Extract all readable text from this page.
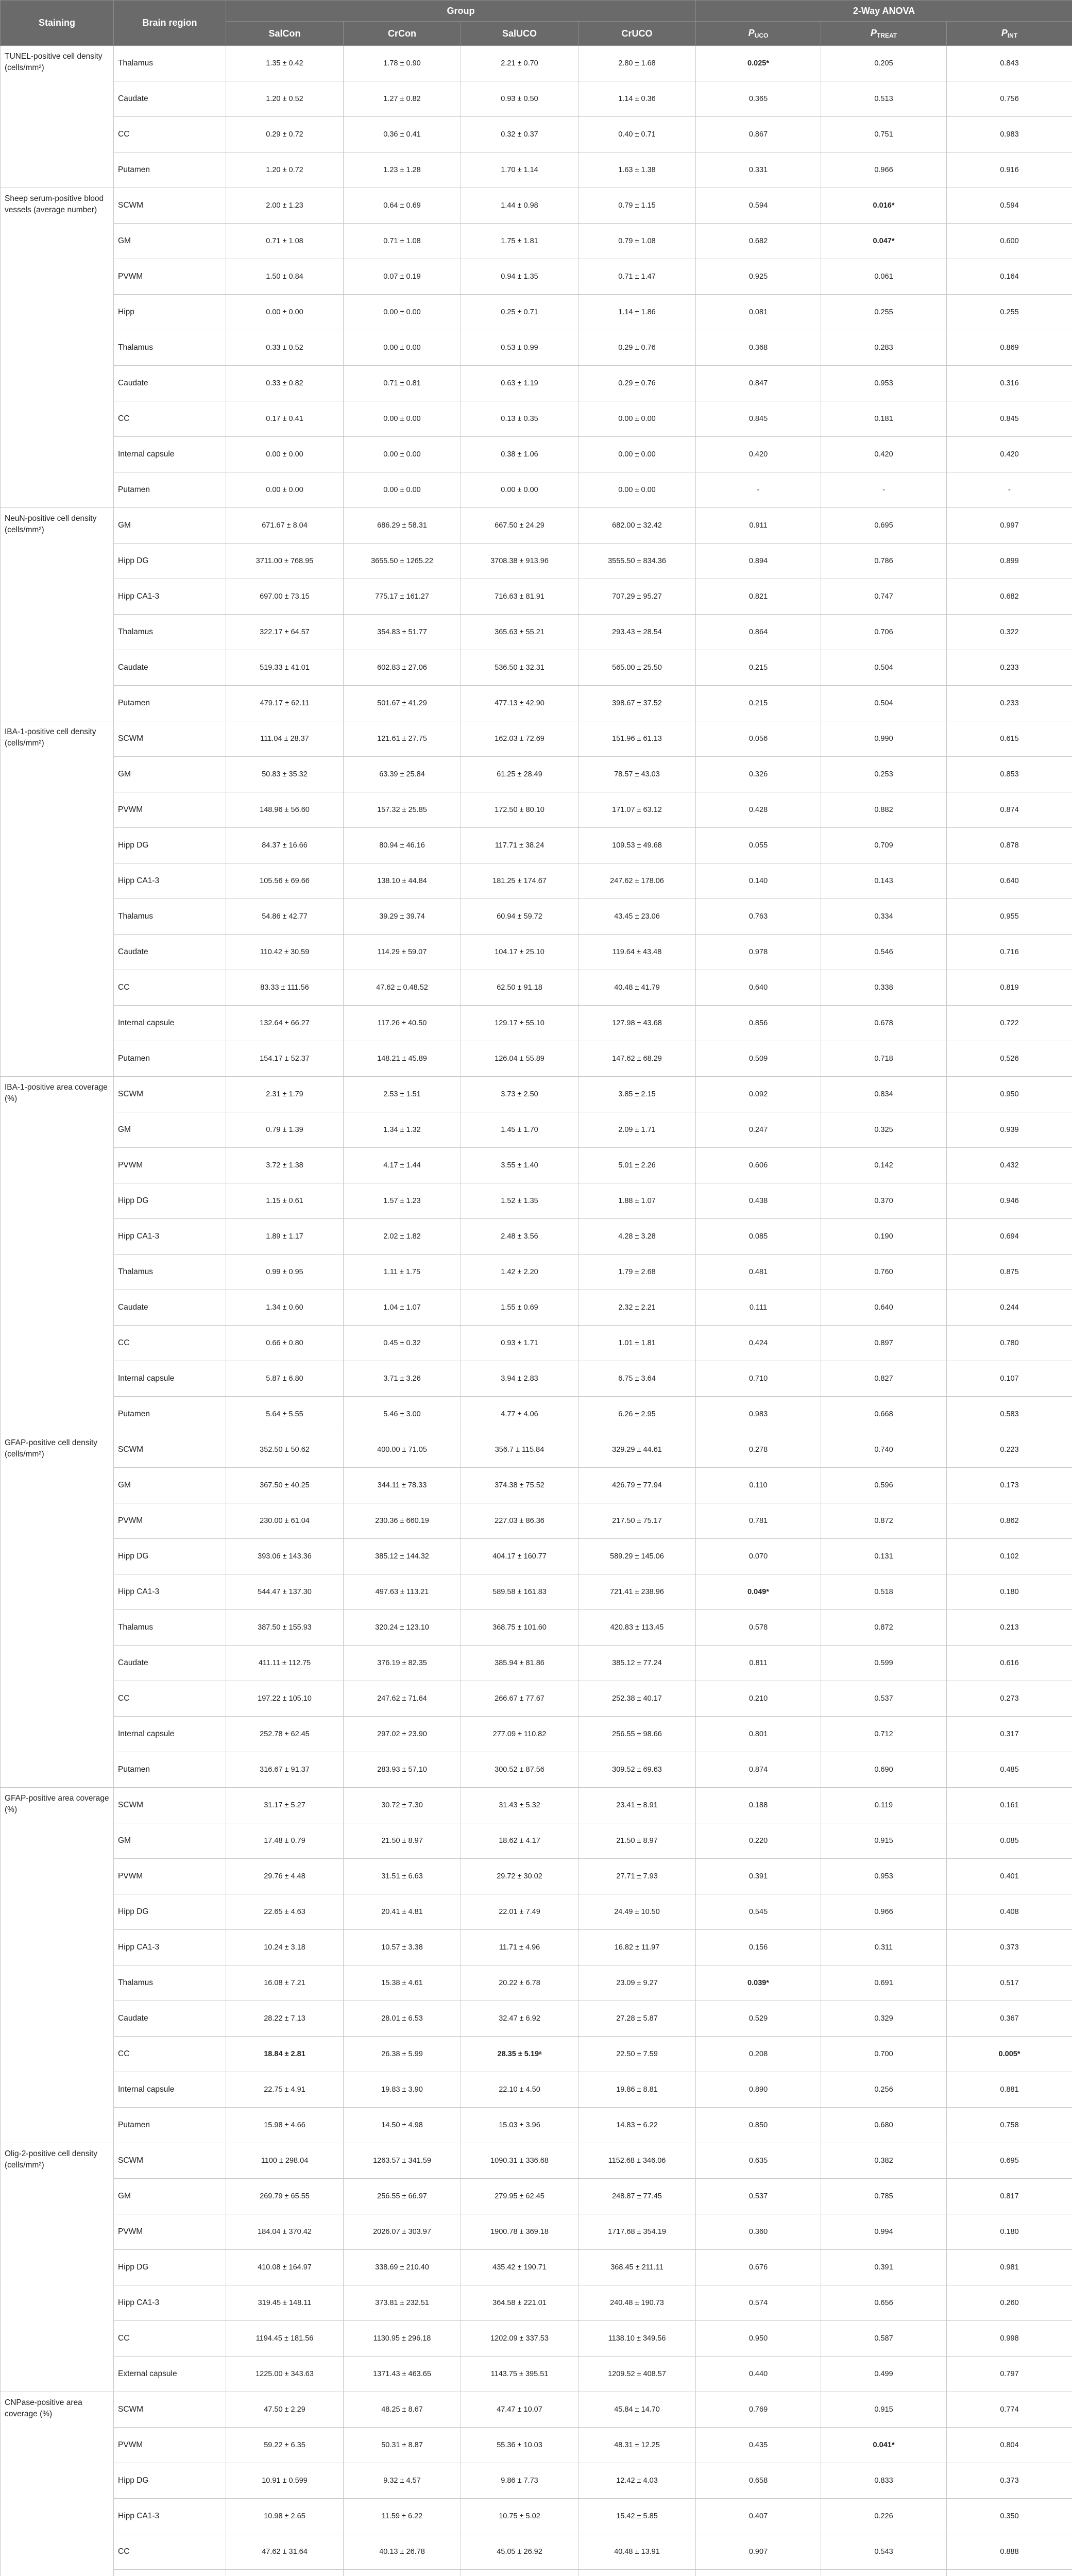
Staining	Brain region	Group				2-Way ANOVA		
		SalCon	CrCon	SalUCO	CrUCO	PUCO	PTREAT	PINT
TUNEL-positive cell density (cells/mm²)	Thalamus	1.35 ± 0.42	1.78 ± 0.90	2.21 ± 0.70	2.80 ± 1.68	0.025*	0.205	0.843
	Caudate	1.20 ± 0.52	1.27 ± 0.82	0.93 ± 0.50	1.14 ± 0.36	0.365	0.513	0.756
	CC	0.29 ± 0.72	0.36 ± 0.41	0.32 ± 0.37	0.40 ± 0.71	0.867	0.751	0.983
	Putamen	1.20 ± 0.72	1.23 ± 1.28	1.70 ± 1.14	1.63 ± 1.38	0.331	0.966	0.916
Sheep serum-positive blood vessels (average number)	SCWM	2.00 ± 1.23	0.64 ± 0.69	1.44 ± 0.98	0.79 ± 1.15	0.594	0.016*	0.594
	GM	0.71 ± 1.08	0.71 ± 1.08	1.75 ± 1.81	0.79 ± 1.08	0.682	0.047*	0.600
	PVWM	1.50 ± 0.84	0.07 ± 0.19	0.94 ± 1.35	0.71 ± 1.47	0.925	0.061	0.164
	Hipp	0.00 ± 0.00	0.00 ± 0.00	0.25 ± 0.71	1.14 ± 1.86	0.081	0.255	0.255
	Thalamus	0.33 ± 0.52	0.00 ± 0.00	0.53 ± 0.99	0.29 ± 0.76	0.368	0.283	0.869
	Caudate	0.33 ± 0.82	0.71 ± 0.81	0.63 ± 1.19	0.29 ± 0.76	0.847	0.953	0.316
	CC	0.17 ± 0.41	0.00 ± 0.00	0.13 ± 0.35	0.00 ± 0.00	0.845	0.181	0.845
	Internal capsule	0.00 ± 0.00	0.00 ± 0.00	0.38 ± 1.06	0.00 ± 0.00	0.420	0.420	0.420
	Putamen	0.00 ± 0.00	0.00 ± 0.00	0.00 ± 0.00	0.00 ± 0.00	-	-	-
NeuN-positive cell density (cells/mm²)	GM	671.67 ± 8.04	686.29 ± 58.31	667.50 ± 24.29	682.00 ± 32.42	0.911	0.695	0.997
	Hipp DG	3711.00 ± 768.95	3655.50 ± 1265.22	3708.38 ± 913.96	3555.50 ± 834.36	0.894	0.786	0.899
	Hipp CA1-3	697.00 ± 73.15	775.17 ± 161.27	716.63 ± 81.91	707.29 ± 95.27	0.821	0.747	0.682
	Thalamus	322.17 ± 64.57	354.83 ± 51.77	365.63 ± 55.21	293.43 ± 28.54	0.864	0.706	0.322
	Caudate	519.33 ± 41.01	602.83 ± 27.06	536.50 ± 32.31	565.00 ± 25.50	0.215	0.504	0.233
	Putamen	479.17 ± 62.11	501.67 ± 41.29	477.13 ± 42.90	398.67 ± 37.52	0.215	0.504	0.233
IBA-1-positive cell density (cells/mm²)	SCWM	111.04 ± 28.37	121.61 ± 27.75	162.03 ± 72.69	151.96 ± 61.13	0.056	0.990	0.615
	GM	50.83 ± 35.32	63.39 ± 25.84	61.25 ± 28.49	78.57 ± 43.03	0.326	0.253	0.853
	PVWM	148.96 ± 56.60	157.32 ± 25.85	172.50 ± 80.10	171.07 ± 63.12	0.428	0.882	0.874
	Hipp DG	84.37 ± 16.66	80.94 ± 46.16	117.71 ± 38.24	109.53 ± 49.68	0.055	0.709	0.878
	Hipp CA1-3	105.56 ± 69.66	138.10 ± 44.84	181.25 ± 174.67	247.62 ± 178.06	0.140	0.143	0.640
	Thalamus	54.86 ± 42.77	39.29 ± 39.74	60.94 ± 59.72	43.45 ± 23.06	0.763	0.334	0.955
	Caudate	110.42 ± 30.59	114.29 ± 59.07	104.17 ± 25.10	119.64 ± 43.48	0.978	0.546	0.716
	CC	83.33 ± 111.56	47.62 ± 0.48.52	62.50 ± 91.18	40.48 ± 41.79	0.640	0.338	0.819
	Internal capsule	132.64 ± 66.27	117.26 ± 40.50	129.17 ± 55.10	127.98 ± 43.68	0.856	0.678	0.722
	Putamen	154.17 ± 52.37	148.21 ± 45.89	126.04 ± 55.89	147.62 ± 68.29	0.509	0.718	0.526
IBA-1-positive area coverage (%)	SCWM	2.31 ± 1.79	2.53 ± 1.51	3.73 ± 2.50	3.85 ± 2.15	0.092	0.834	0.950
	GM	0.79 ± 1.39	1.34 ± 1.32	1.45 ± 1.70	2.09 ± 1.71	0.247	0.325	0.939
	PVWM	3.72 ± 1.38	4.17 ± 1.44	3.55 ± 1.40	5.01 ± 2.26	0.606	0.142	0.432
	Hipp DG	1.15 ± 0.61	1.57 ± 1.23	1.52 ± 1.35	1.88 ± 1.07	0.438	0.370	0.946
	Hipp CA1-3	1.89 ± 1.17	2.02 ± 1.82	2.48 ± 3.56	4.28 ± 3.28	0.085	0.190	0.694
	Thalamus	0.99 ± 0.95	1.11 ± 1.75	1.42 ± 2.20	1.79 ± 2.68	0.481	0.760	0.875
	Caudate	1.34 ± 0.60	1.04 ± 1.07	1.55 ± 0.69	2.32 ± 2.21	0.111	0.640	0.244
	CC	0.66 ± 0.80	0.45 ± 0.32	0.93 ± 1.71	1.01 ± 1.81	0.424	0.897	0.780
	Internal capsule	5.87 ± 6.80	3.71 ± 3.26	3.94 ± 2.83	6.75 ± 3.64	0.710	0.827	0.107
	Putamen	5.64 ± 5.55	5.46 ± 3.00	4.77 ± 4.06	6.26 ± 2.95	0.983	0.668	0.583
GFAP-positive cell density (cells/mm²)	SCWM	352.50 ± 50.62	400.00 ± 71.05	356.7 ± 115.84	329.29 ± 44.61	0.278	0.740	0.223
	GM	367.50 ± 40.25	344.11 ± 78.33	374.38 ± 75.52	426.79 ± 77.94	0.110	0.596	0.173
	PVWM	230.00 ± 61.04	230.36 ± 660.19	227.03 ± 86.36	217.50 ± 75.17	0.781	0.872	0.862
	Hipp DG	393.06 ± 143.36	385.12 ± 144.32	404.17 ± 160.77	589.29 ± 145.06	0.070	0.131	0.102
	Hipp CA1-3	544.47 ± 137.30	497.63 ± 113.21	589.58 ± 161.83	721.41 ± 238.96	0.049*	0.518	0.180
	Thalamus	387.50 ± 155.93	320.24 ± 123.10	368.75 ± 101.60	420.83 ± 113.45	0.578	0.872	0.213
	Caudate	411.11 ± 112.75	376.19 ± 82.35	385.94 ± 81.86	385.12 ± 77.24	0.811	0.599	0.616
	CC	197.22 ± 105.10	247.62 ± 71.64	266.67 ± 77.67	252.38 ± 40.17	0.210	0.537	0.273
	Internal capsule	252.78 ± 62.45	297.02 ± 23.90	277.09 ± 110.82	256.55 ± 98.66	0.801	0.712	0.317
	Putamen	316.67 ± 91.37	283.93 ± 57.10	300.52 ± 87.56	309.52 ± 69.63	0.874	0.690	0.485
GFAP-positive area coverage (%)	SCWM	31.17 ± 5.27	30.72 ± 7.30	31.43 ± 5.32	23.41 ± 8.91	0.188	0.119	0.161
	GM	17.48 ± 0.79	21.50 ± 8.97	18.62 ± 4.17	21.50 ± 8.97	0.220	0.915	0.085
	PVWM	29.76 ± 4.48	31.51 ± 6.63	29.72 ± 30.02	27.71 ± 7.93	0.391	0.953	0.401
	Hipp DG	22.65 ± 4.63	20.41 ± 4.81	22.01 ± 7.49	24.49 ± 10.50	0.545	0.966	0.408
	Hipp CA1-3	10.24 ± 3.18	10.57 ± 3.38	11.71 ± 4.96	16.82 ± 11.97	0.156	0.311	0.373
	Thalamus	16.08 ± 7.21	15.38 ± 4.61	20.22 ± 6.78	23.09 ± 9.27	0.039*	0.691	0.517
	Caudate	28.22 ± 7.13	28.01 ± 6.53	32.47 ± 6.92	27.28 ± 5.87	0.529	0.329	0.367
	CC	18.84 ± 2.81	26.38 ± 5.99	28.35 ± 5.19ᵃ	22.50 ± 7.59	0.208	0.700	0.005*
	Internal capsule	22.75 ± 4.91	19.83 ± 3.90	22.10 ± 4.50	19.86 ± 8.81	0.890	0.256	0.881
	Putamen	15.98 ± 4.66	14.50 ± 4.98	15.03 ± 3.96	14.83 ± 6.22	0.850	0.680	0.758
Olig-2-positive cell density (cells/mm²)	SCWM	1100 ± 298.04	1263.57 ± 341.59	1090.31 ± 336.68	1152.68 ± 346.06	0.635	0.382	0.695
	GM	269.79 ± 65.55	256.55 ± 66.97	279.95 ± 62.45	248.87 ± 77.45	0.537	0.785	0.817
	PVWM	184.04 ± 370.42	2026.07 ± 303.97	1900.78 ± 369.18	1717.68 ± 354.19	0.360	0.994	0.180
	Hipp DG	410.08 ± 164.97	338.69 ± 210.40	435.42 ± 190.71	368.45 ± 211.11	0.676	0.391	0.981
	Hipp CA1-3	319.45 ± 148.11	373.81 ± 232.51	364.58 ± 221.01	240.48 ± 190.73	0.574	0.656	0.260
	CC	1194.45 ± 181.56	1130.95 ± 296.18	1202.09 ± 337.53	1138.10 ± 349.56	0.950	0.587	0.998
	External capsule	1225.00 ± 343.63	1371.43 ± 463.65	1143.75 ± 395.51	1209.52 ± 408.57	0.440	0.499	0.797
CNPase-positive area coverage (%)	SCWM	47.50 ± 2.29	48.25 ± 8.67	47.47 ± 10.07	45.84 ± 14.70	0.769	0.915	0.774
	PVWM	59.22 ± 6.35	50.31 ± 8.87	55.36 ± 10.03	48.31 ± 12.25	0.435	0.041*	0.804
	Hipp DG	10.91 ± 0.599	9.32 ± 4.57	9.86 ± 7.73	12.42 ± 4.03	0.658	0.833	0.373
	Hipp CA1-3	10.98 ± 2.65	11.59 ± 6.22	10.75 ± 5.02	15.42 ± 5.85	0.407	0.226	0.350
	CC	47.62 ± 31.64	40.13 ± 26.78	45.05 ± 26.92	40.48 ± 13.91	0.907	0.543	0.888
